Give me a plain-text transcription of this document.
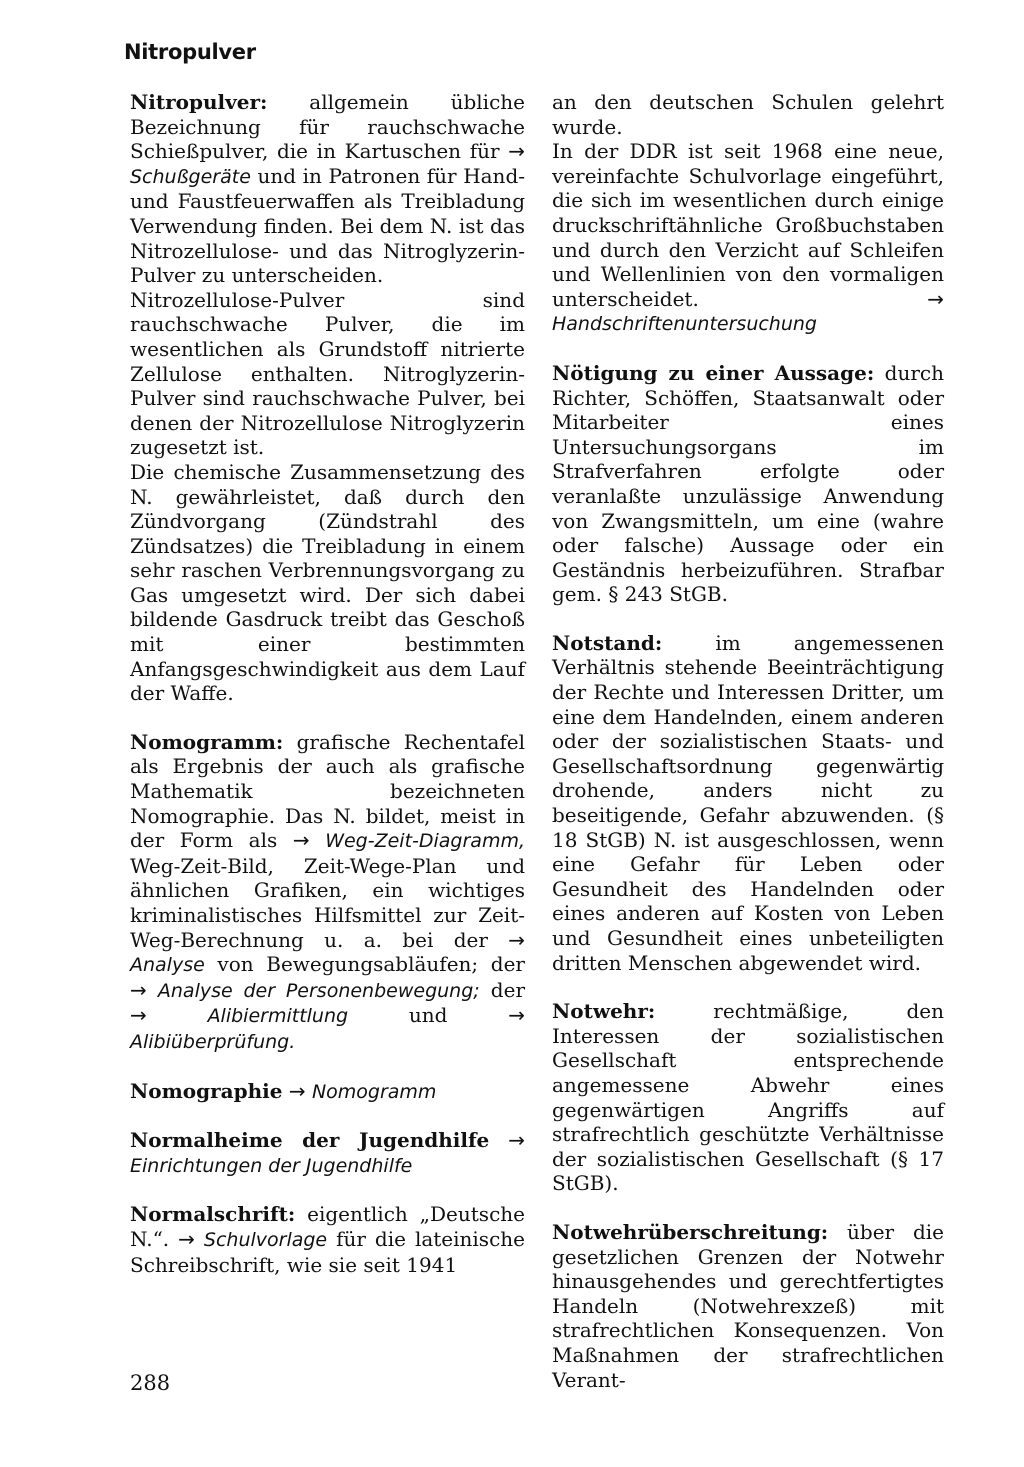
Nitropulver

Nitropulver: allgemein übliche Bezeichnung für rauchschwache Schießpulver, die in Kartuschen für → Schußgeräte und in Patronen für Hand- und Faustfeuerwaffen als Treibladung Verwendung finden. Bei dem N. ist das Nitrozellulose- und das Nitroglyzerin-Pulver zu unterscheiden.

Nitrozellulose-Pulver sind rauchschwache Pulver, die im wesentlichen als Grundstoff nitrierte Zellulose enthalten. Nitroglyzerin-Pulver sind rauchschwache Pulver, bei denen der Nitrozellulose Nitroglyzerin zugesetzt ist.

Die chemische Zusammensetzung des N. gewährleistet, daß durch den Zündvorgang (Zündstrahl des Zündsatzes) die Treibladung in einem sehr raschen Verbrennungsvorgang zu Gas umgesetzt wird. Der sich dabei bildende Gasdruck treibt das Geschoß mit einer bestimmten Anfangsgeschwindigkeit aus dem Lauf der Waffe.

Nomogramm: grafische Rechentafel als Ergebnis der auch als grafische Mathematik bezeichneten Nomographie. Das N. bildet, meist in der Form als → Weg-Zeit-Diagramm, Weg-Zeit-Bild, Zeit-Wege-Plan und ähnlichen Grafiken, ein wichtiges kriminalistisches Hilfsmittel zur Zeit-Weg-Berechnung u. a. bei der → Analyse von Bewegungsabläufen; der → Analyse der Personenbewegung; der →	Alibiermittlung und → Alibiüberprüfung.

Nomographie → Nomogramm

Normalheime der Jugendhilfe → Einrichtungen der Jugendhilfe

Normalschrift: eigentlich „Deutsche N.“. → Schulvorlage für die lateinische Schreibschrift, wie sie seit 1941

an den deutschen Schulen gelehrt wurde.

In der DDR ist seit 1968 eine neue, vereinfachte Schulvorlage eingeführt, die sich im wesentlichen durch einige druckschriftähnliche Großbuchstaben und durch den Verzicht auf Schleifen und Wellenlinien von den vormaligen unterscheidet. → Handschriftenuntersuchung

Nötigung zu einer Aussage: durch Richter, Schöffen, Staatsanwalt oder Mitarbeiter eines Untersuchungsorgans im Strafverfahren erfolgte oder veranlaßte unzulässige Anwendung von Zwangsmitteln, um eine (wahre oder falsche) Aussage oder ein Geständnis herbeizuführen. Strafbar gem. § 243 StGB.

Notstand: im angemessenen Verhältnis stehende Beeinträchtigung der Rechte und Interessen Dritter, um eine dem Handelnden, einem anderen oder der sozialistischen Staats- und Gesellschaftsordnung gegenwärtig drohende, anders nicht zu beseitigende, Gefahr abzuwenden. (§ 18 StGB) N. ist ausgeschlossen, wenn eine Gefahr für Leben oder Gesundheit des Handelnden oder eines anderen auf Kosten von Leben und Gesundheit eines unbeteiligten dritten Menschen abgewendet wird.

Notwehr: rechtmäßige, den Interessen der sozialistischen Gesellschaft entsprechende angemessene Abwehr eines gegenwärtigen Angriffs auf strafrechtlich geschützte Verhältnisse der sozialistischen Gesellschaft (§ 17 StGB).

Notwehrüberschreitung: über die gesetzlichen Grenzen der Notwehr hinausgehendes und gerechtfertigtes Handeln (Notwehrexzeß) mit strafrechtlichen Konsequenzen. Von Maßnahmen der strafrechtlichen Verant-

288
